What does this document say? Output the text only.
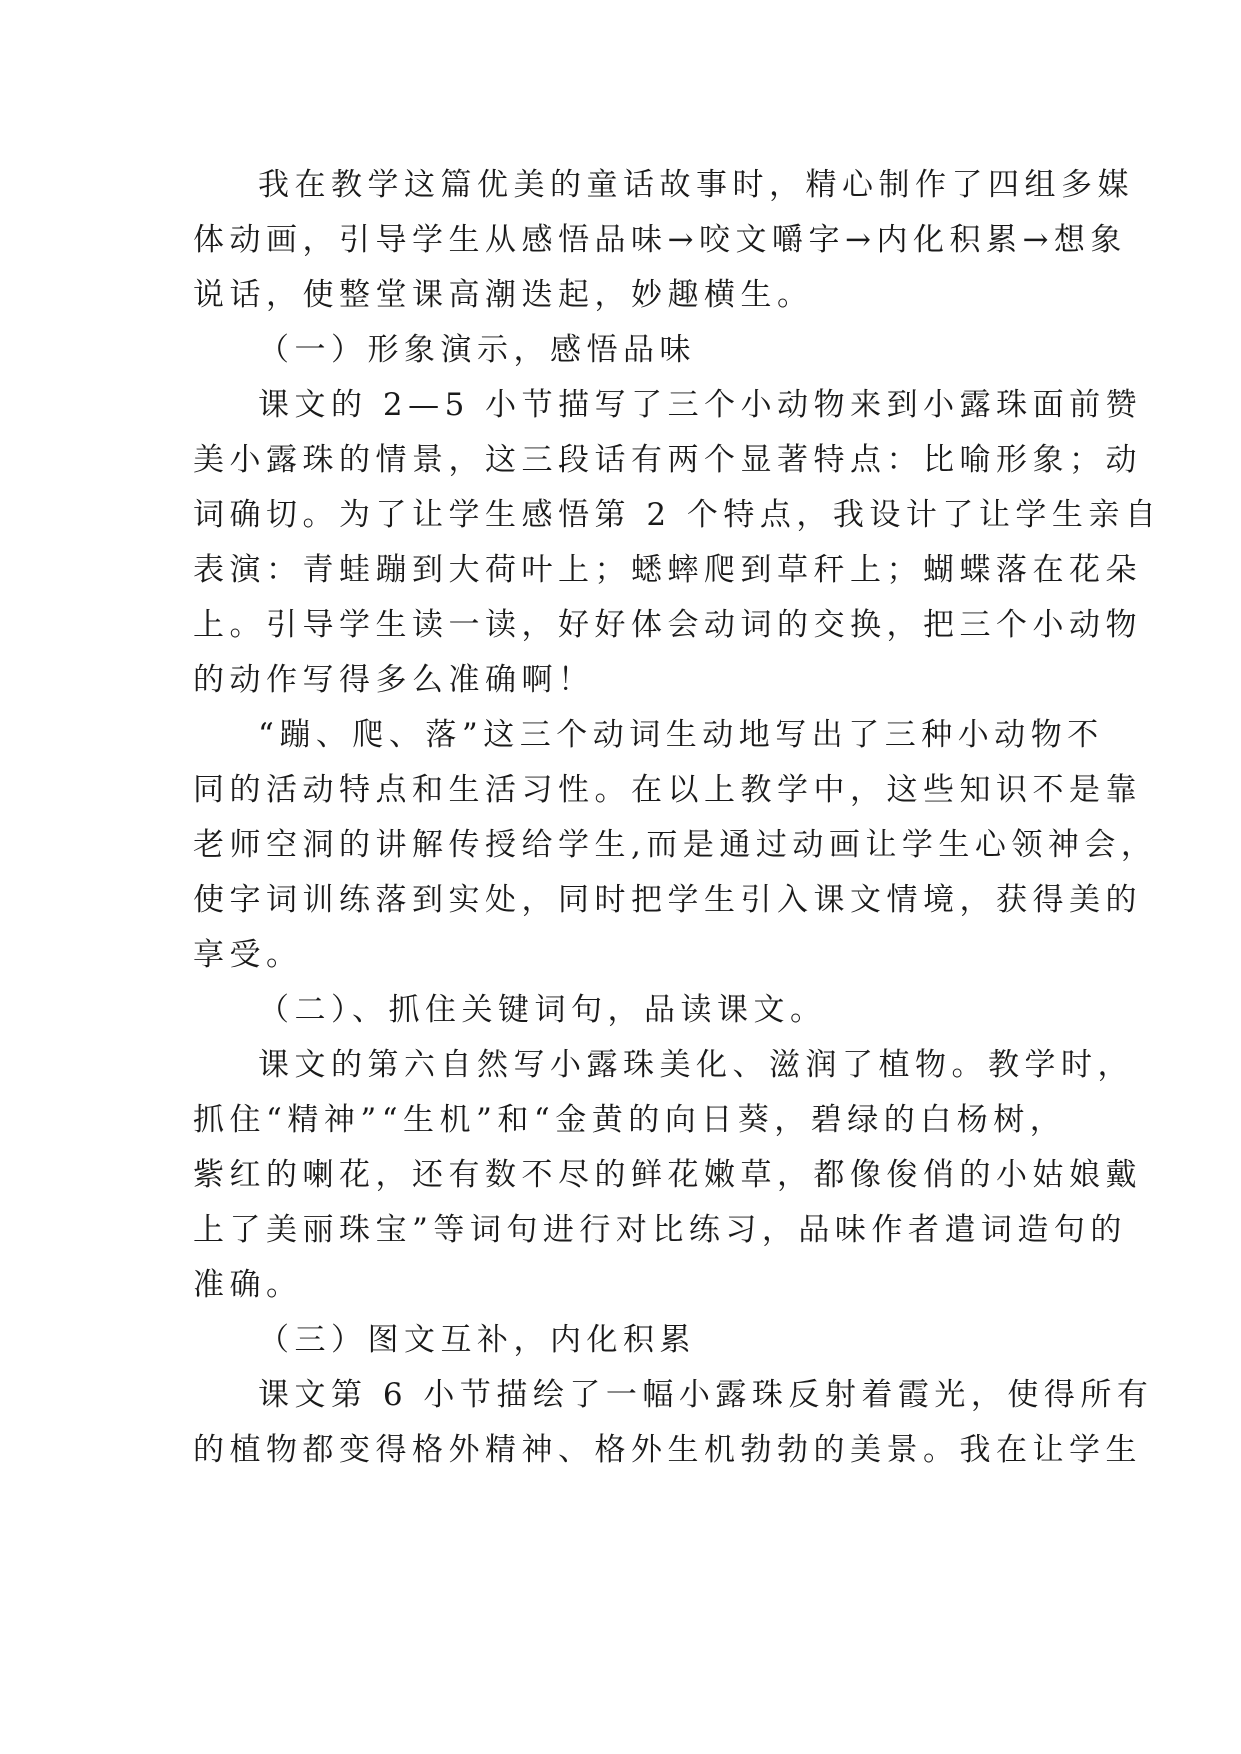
我在教学这篇优美的童话故事时，精心制作了四组多媒
体动画，引导学生从感悟品味→咬文嚼字→内化积累→想象
说话，使整堂课高潮迭起，妙趣横生。
（一）形象演示，感悟品味
课文的 2—5 小节描写了三个小动物来到小露珠面前赞
美小露珠的情景，这三段话有两个显著特点：比喻形象；动
词确切。为了让学生感悟第 2 个特点，我设计了让学生亲自
表演：青蛙蹦到大荷叶上；蟋蟀爬到草秆上；蝴蝶落在花朵
上。引导学生读一读，好好体会动词的交换，把三个小动物
的动作写得多么准确啊！
“蹦、爬、落”这三个动词生动地写出了三种小动物不
同的活动特点和生活习性。在以上教学中，这些知识不是靠
老师空洞的讲解传授给学生,而是通过动画让学生心领神会，
使字词训练落到实处，同时把学生引入课文情境，获得美的
享受。
（二）、抓住关键词句，品读课文。
课文的第六自然写小露珠美化、滋润了植物。教学时，
抓住“精神”“生机”和“金黄的向日葵，碧绿的白杨树，
紫红的喇花，还有数不尽的鲜花嫩草，都像俊俏的小姑娘戴
上了美丽珠宝”等词句进行对比练习，品味作者遣词造句的
准确。
（三）图文互补，内化积累
课文第 6 小节描绘了一幅小露珠反射着霞光，使得所有
的植物都变得格外精神、格外生机勃勃的美景。我在让学生
